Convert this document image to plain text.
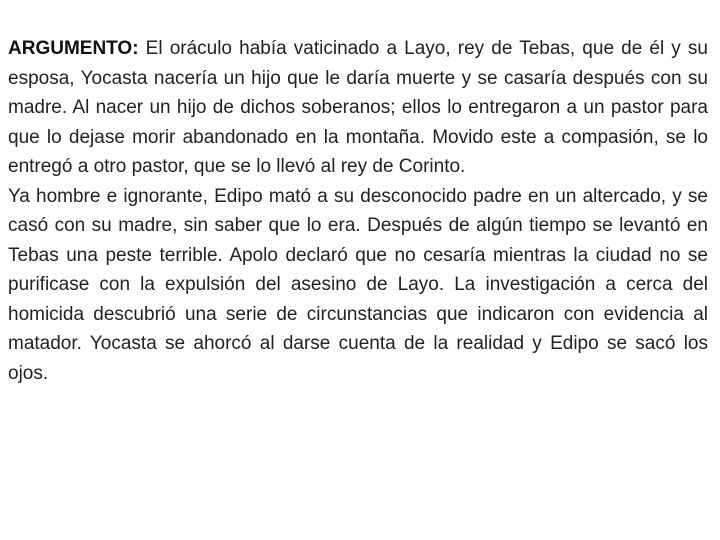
ARGUMENTO: El oráculo había vaticinado a Layo, rey de Tebas, que de él y su esposa, Yocasta nacería un hijo que le daría muerte y se casaría después con su madre. Al nacer un hijo de dichos soberanos; ellos lo entregaron a un pastor para que lo dejase morir abandonado en la montaña. Movido este a compasión, se lo entregó a otro pastor, que se lo llevó al rey de Corinto.

Ya hombre e ignorante, Edipo mató a su desconocido padre en un altercado, y se casó con su madre, sin saber que lo era. Después de algún tiempo se levantó en Tebas una peste terrible. Apolo declaró que no cesaría mientras la ciudad no se purificase con la expulsión del asesino de Layo. La investigación a cerca del homicida descubrió una serie de circunstancias que indicaron con evidencia al matador. Yocasta se ahorcó al darse cuenta de la realidad y Edipo se sacó los ojos.
